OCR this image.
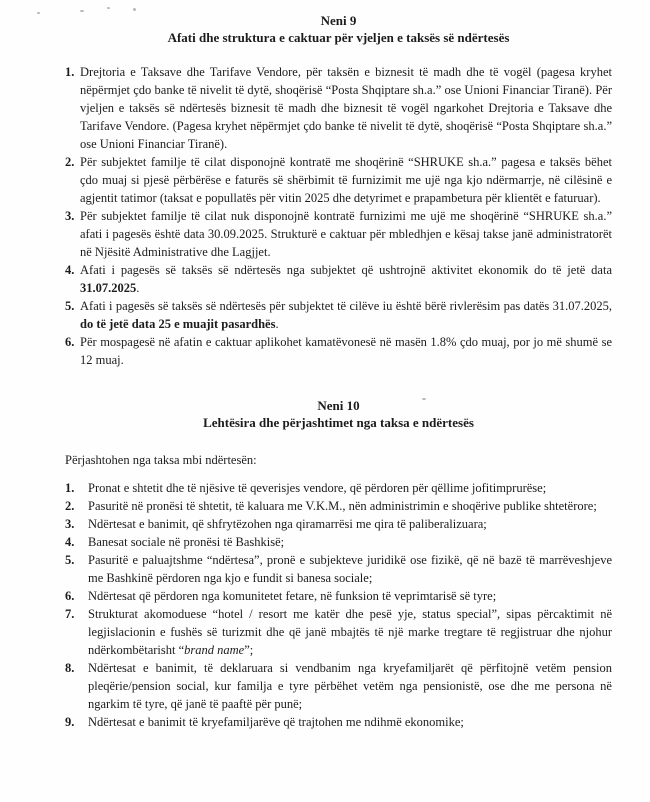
Neni 9
Afati dhe struktura e caktuar për vjeljen e taksës së ndërtesës
1. Drejtoria e Taksave dhe Tarifave Vendore, për taksën e biznesit të madh dhe të vogël (pagesa kryhet nëpërmjet çdo banke të nivelit të dytë, shoqërisë “Posta Shqiptare sh.a.” ose Unioni Financiar Tiranë). Për vjeljen e taksës së ndërtesës biznesit të madh dhe biznesit të vogël ngarkohet Drejtoria e Taksave dhe Tarifave Vendore. (Pagesa kryhet nëpërmjet çdo banke të nivelit të dytë, shoqërisë “Posta Shqiptare sh.a.” ose Unioni Financiar Tiranë).
2. Për subjektet familje të cilat disponojnë kontratë me shoqërinë “SHRUKE sh.a.” pagesa e taksës bëhet çdo muaj si pjesë përbërëse e faturës së shërbimit të furnizimit me ujë nga kjo ndërmarrje, në cilësinë e agjentit tatimor (taksat e popullatës për vitin 2025 dhe detyrimet e prapambetura për klientët e faturuar).
3. Për subjektet familje të cilat nuk disponojnë kontratë furnizimi me ujë me shoqërinë “SHRUKE sh.a.” afati i pagesës është data 30.09.2025. Strukturë e caktuar për mbledhjen e kësaj takse janë administratorët në Njësitë Administrative dhe Lagjjet.
4. Afati i pagesës së taksës së ndërtesës nga subjektet që ushtrojnë aktivitet ekonomik do të jetë data 31.07.2025.
5. Afati i pagesës së taksës së ndërtesës për subjektet të cilëve iu është bërë rivlerësim pas datës 31.07.2025, do të jetë data 25 e muajit pasardhës.
6. Për mospagesë në afatin e caktuar aplikohet kamatëvonesë në masën 1.8% çdo muaj, por jo më shumë se 12 muaj.
Neni 10
Lehtësira dhe përjashtimet nga taksa e ndërtesës

Përjashtohen nga taksa mbi ndërtesën:

1.	Pronat e shtetit dhe të njësive të qeverisjes vendore, që përdoren për qëllime jofitimprurëse;
2.	Pasuritë në pronësi të shtetit, të kaluara me V.K.M., nën administrimin e shoqërive publike shtetërore;
3.	Ndërtesat e banimit, që shfrytëzohen nga qiramarrësi me qira të paliberalizuara;
4.	Banesat sociale në pronësi të Bashkisë;
5.	Pasuritë e paluajtshme “ndërtesa”, pronë e subjekteve juridikë ose fizikë, që në bazë të marrëveshjeve me Bashkinë përdoren nga kjo e fundit si banesa sociale;
6.	Ndërtesat që përdoren nga komunitetet fetare, në funksion të veprimtarisë së tyre;
7.	Strukturat akomoduese “hotel / resort me katër dhe pesë yje, status special”, sipas përcaktimit në legjislacionin e fushës së turizmit dhe që janë mbajtës të një marke tregtare të regjistruar dhe njohur ndërkombëtarisht “brand name”;
8.	Ndërtesat e banimit, të deklaruara si vendbanim nga kryefamiljarët që përfitojnë vetëm pension pleqërie/pension social, kur familja e tyre përbëhet vetëm nga pensionistë, ose dhe me persona në ngarkim të tyre, që janë të paaftë për punë;
9.	Ndërtesat e banimit të kryefamiljarëve që trajtohen me ndihmë ekonomike;
